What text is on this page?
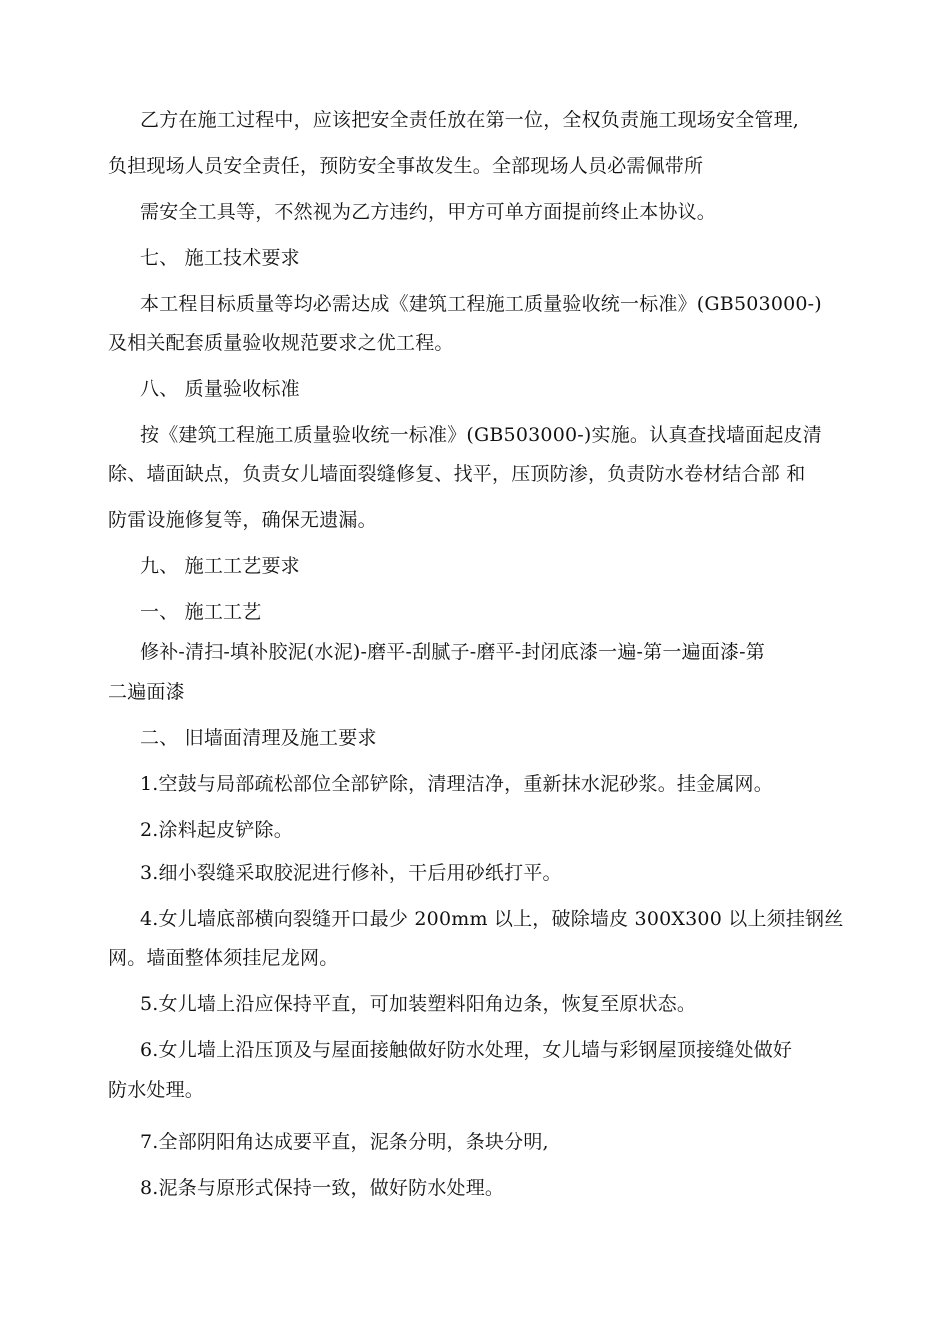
乙方在施工过程中，应该把安全责任放在第一位，全权负责施工现场安全管理,
负担现场人员安全责任，预防安全事故发生。全部现场人员必需佩带所
需安全工具等，不然视为乙方违约，甲方可单方面提前终止本协议。
七、 施工技术要求
本工程目标质量等均必需达成《建筑工程施工质量验收统一标准》(GB503000-)
及相关配套质量验收规范要求之优工程。
八、 质量验收标准
按《建筑工程施工质量验收统一标准》(GB503000-)实施。认真查找墙面起皮清
除、墙面缺点，负责女儿墙面裂缝修复、找平，压顶防渗，负责防水卷材结合部 和
防雷设施修复等，确保无遗漏。
九、 施工工艺要求
一、 施工工艺
修补-清扫-填补胶泥(水泥)-磨平-刮腻子-磨平-封闭底漆一遍-第一遍面漆-第
二遍面漆
二、 旧墙面清理及施工要求
1.空鼓与局部疏松部位全部铲除，清理洁净，重新抹水泥砂浆。挂金属网。
2.涂料起皮铲除。
3.细小裂缝采取胶泥进行修补，干后用砂纸打平。
4.女儿墙底部横向裂缝开口最少 200mm 以上，破除墙皮 300X300 以上须挂钢丝
网。墙面整体须挂尼龙网。
5.女儿墙上沿应保持平直，可加装塑料阳角边条，恢复至原状态。
6.女儿墙上沿压顶及与屋面接触做好防水处理，女儿墙与彩钢屋顶接缝处做好
防水处理。
7.全部阴阳角达成要平直，泥条分明，条块分明,
8.泥条与原形式保持一致，做好防水处理。
